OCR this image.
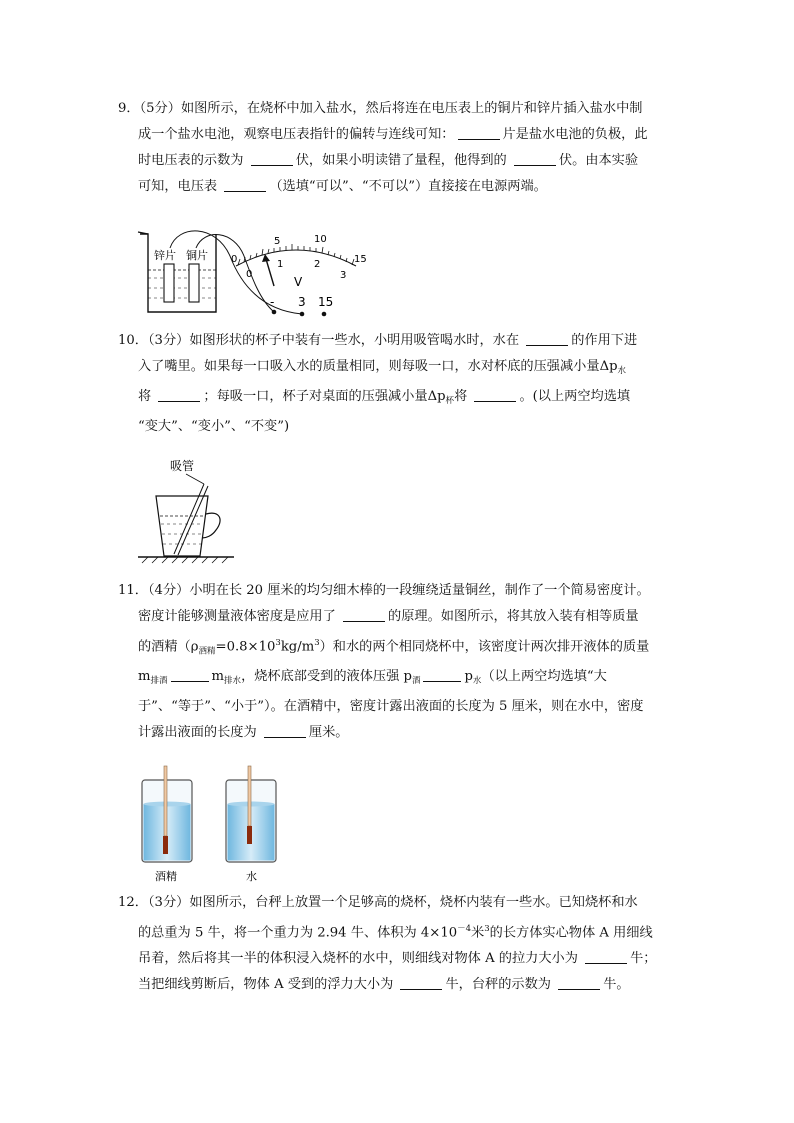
9．（5分）如图所示，在烧杯中加入盐水，然后将连在电压表上的铜片和锌片插入盐水中制

成一个盐水电池，观察电压表指针的偏转与连线可知：	片是盐水电池的负极，此

时电压表的示数为	伏，如果小明读错了量程，他得到的	伏。由本实验

可知，电压表	（选填“可以”、“不可以”）直接接在电源两端。

锌片 铜片 0
5	10
15
0
1	2
3
V
- 3 15

10．（3分）如图形状的杯子中装有一些水，小明用吸管喝水时，水在	的作用下进

入了嘴里。如果每一口吸入水的质量相同，则每吸一口，水对杯底的压强减小量$\Delta p_水$

将	；每吸一口，杯子对桌面的压强减小量$\Delta p_杯$将	。(以上两空均选填

“变大”、“变小”、“不变”)

吸管

11．（4分）小明在长 20 厘米的均匀细木棒的一段缠绕适量铜丝，制作了一个简易密度计。

密度计能够测量液体密度是应用了	的原理。如图所示，将其放入装有相等质量

的酒精$(\rho_{酒精}=0.8\times 10^3kg/m^3)$和水的两个相同烧杯中，该密度计两次排开液体的质量

$m_{排酒}$	$m_{排水}$，烧杯底部受到的液体压强 $p_酒$	$p_水$（以上两空均选填“大

于”、“等于”、“小于”）。在酒精中，密度计露出液面的长度为 5 厘米，则在水中，密度

计露出液面的长度为	厘米。

酒精	水

12．（3分）如图所示，台秤上放置一个足够高的烧杯，烧杯内装有一些水。已知烧杯和水

的总重为 5 牛，将一个重力为 2.94 牛、体积为 $4\times 10^{-4}$米$^3$的长方体实心物体 A 用细线

吊着，然后将其一半的体积浸入烧杯的水中，则细线对物体 A 的拉力大小为	牛；

当把细线剪断后，物体 A 受到的浮力大小为	牛，台秤的示数为	牛。
